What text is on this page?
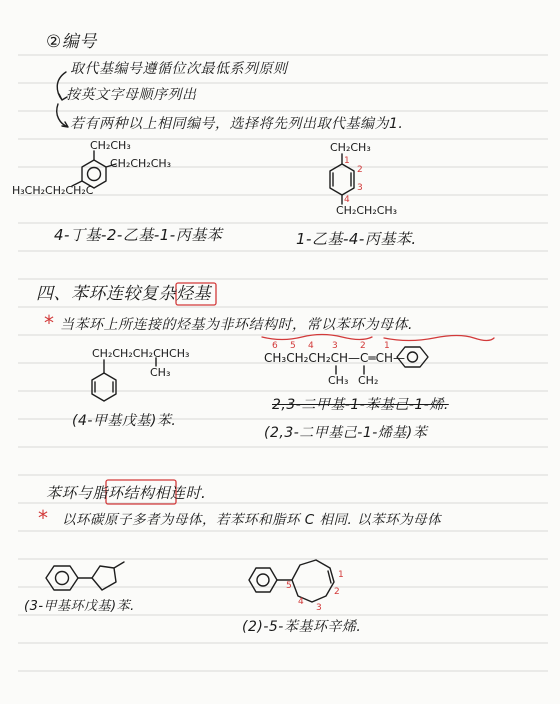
②编号
取代基编号遵循位次最低系列原则
按英文字母顺序列出
若有两种以上相同编号，选择将先列出取代基编为1.
CH₂CH₃
CH₂CH₂CH₃
H₃CH₂CH₂CH₂C
4-丁基-2-乙基-1-丙基苯
CH₂CH₃
1
2
3
4
CH₂CH₂CH₃
1-乙基-4-丙基苯.
四、苯环连较复杂烃基
* 当苯环上所连接的烃基为非环结构时，常以苯环为母体.
CH₂CH₂CH₂CHCH₃
CH₃
(4-甲基戊基)苯.
6 5 4 3 2 1
CH₃CH₂CH₂CH—C═CH—
CH₃ CH₂
2,3-二甲基-1-苯基己-1-烯.
(2,3-二甲基己-1-烯基)苯
苯环与脂环结构相连时.
* 以环碳原子多者为母体，若苯环和脂环 C 相同. 以苯环为母体
(3-甲基环戊基)苯.
1
2
3
4
5
(2)-5-苯基环辛烯.
